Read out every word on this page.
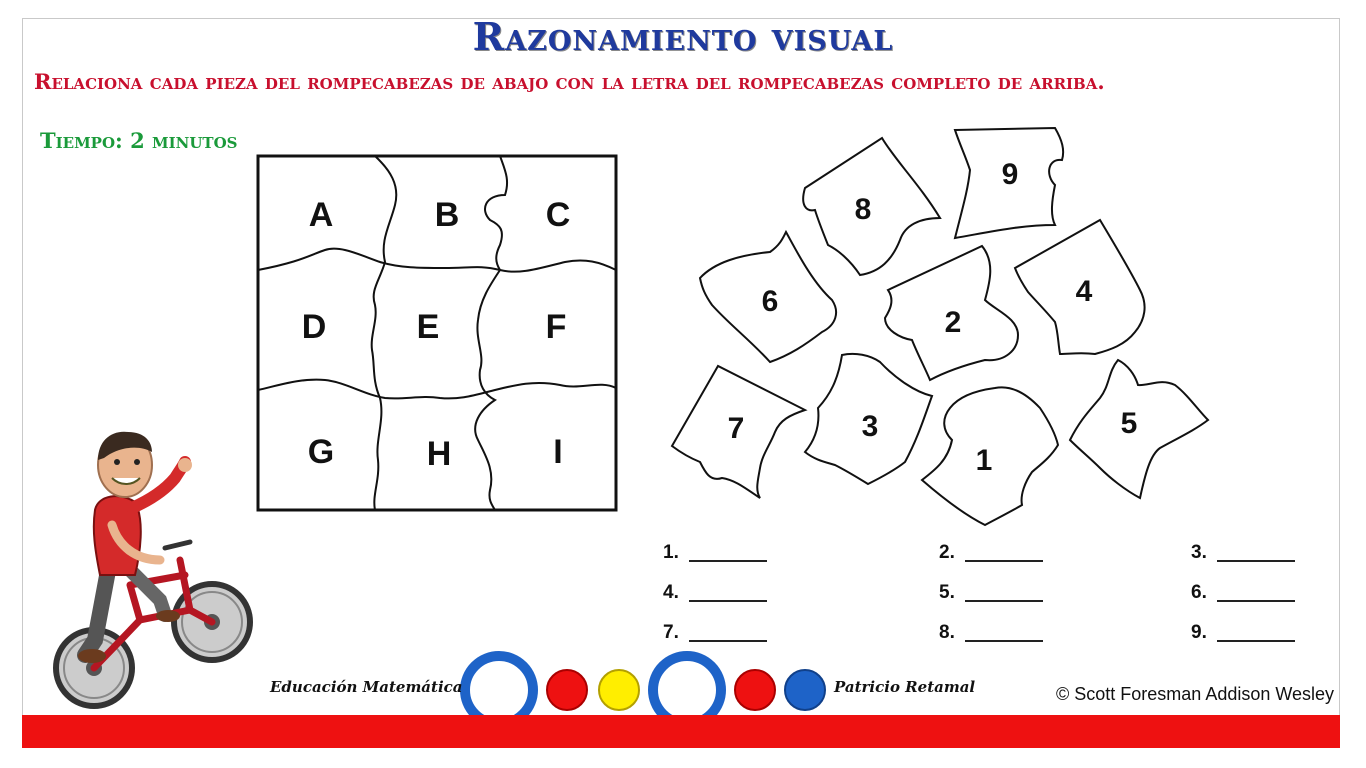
Razonamiento visual
Relaciona cada pieza del rompecabezas de abajo con la letra del rompecabezas completo de arriba.
Tiempo: 2 minutos
A	B	C
D	E	F
G	H	I
8
9
6
2
4
7	3
1
5
1.	2.	3.
4.	5.	6.
7.	8.	9.
Educación Matemática	Patricio Retamal	© Scott Foresman Addison Wesley
